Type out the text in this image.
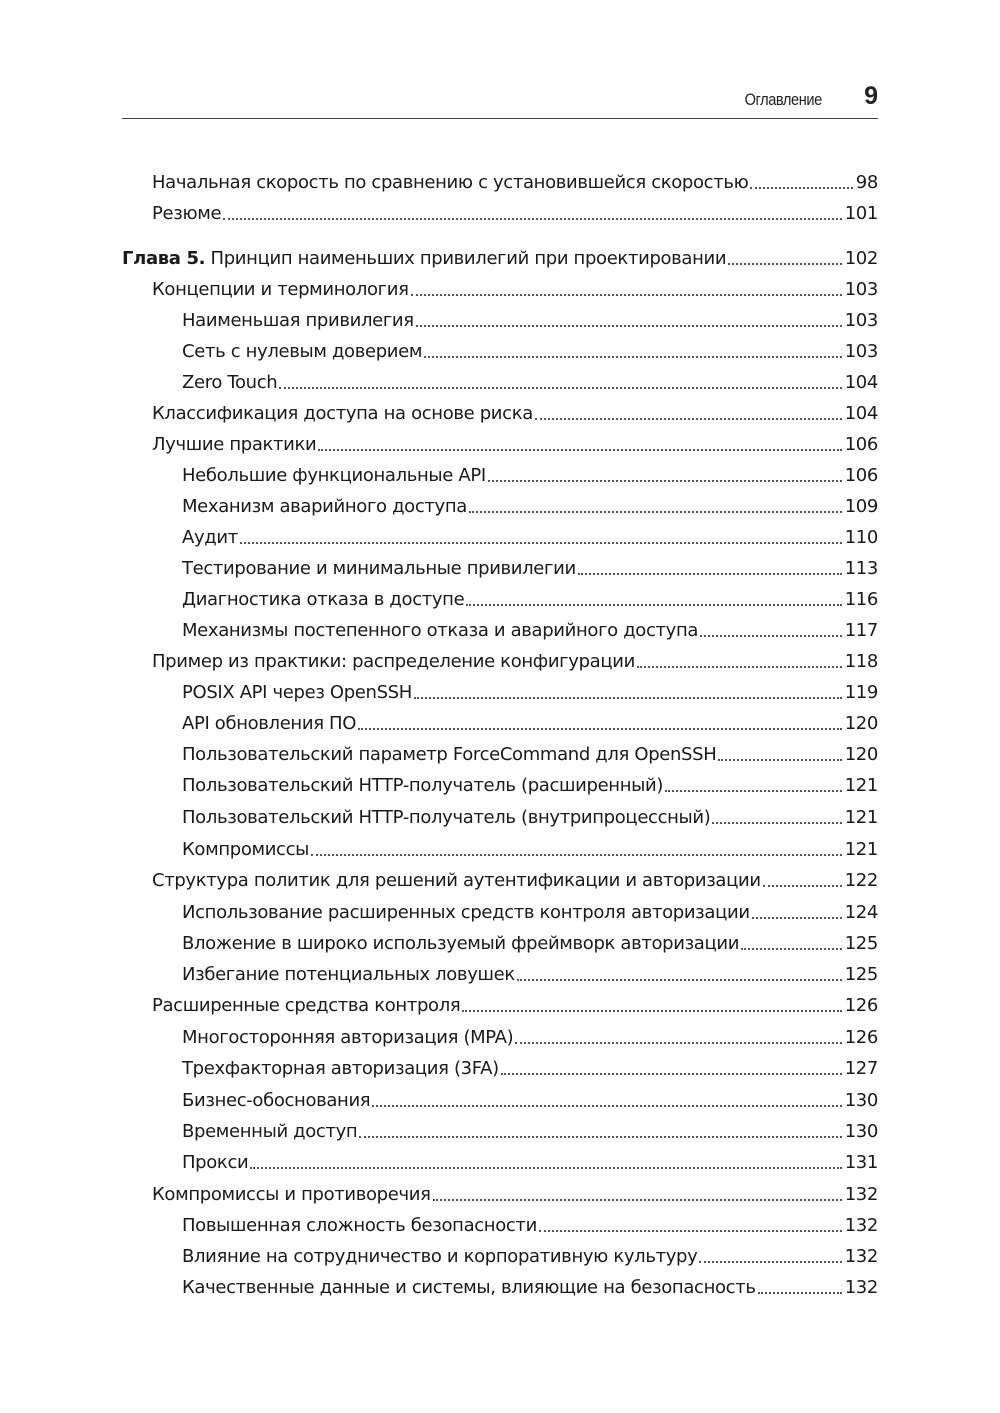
Оглавление 9
Начальная скорость по сравнению с установившейся скоростью	98
Резюме	101
Глава 5. Принцип наименьших привилегий при проектировании	102
Концепции и терминология	103
Наименьшая привилегия	103
Сеть с нулевым доверием	103
Zero Touch	104
Классификация доступа на основе риска	104
Лучшие практики	106
Небольшие функциональные API	106
Механизм аварийного доступа	109
Аудит	110
Тестирование и минимальные привилегии	113
Диагностика отказа в доступе	116
Механизмы постепенного отказа и аварийного доступа	117
Пример из практики: распределение конфигурации	118
POSIX API через OpenSSH	119
API обновления ПО	120
Пользовательский параметр ForceCommand для OpenSSH	120
Пользовательский HTTP-получатель (расширенный)	121
Пользовательский HTTP-получатель (внутрипроцессный)	121
Компромиссы	121
Структура политик для решений аутентификации и авторизации	122
Использование расширенных средств контроля авторизации	124
Вложение в широко используемый фреймворк авторизации	125
Избегание потенциальных ловушек	125
Расширенные средства контроля	126
Многосторонняя авторизация (MPA)	126
Трехфакторная авторизация (3FA)	127
Бизнес-обоснования	130
Временный доступ	130
Прокси	131
Компромиссы и противоречия	132
Повышенная сложность безопасности	132
Влияние на сотрудничество и корпоративную культуру	132
Качественные данные и системы, влияющие на безопасность	132
